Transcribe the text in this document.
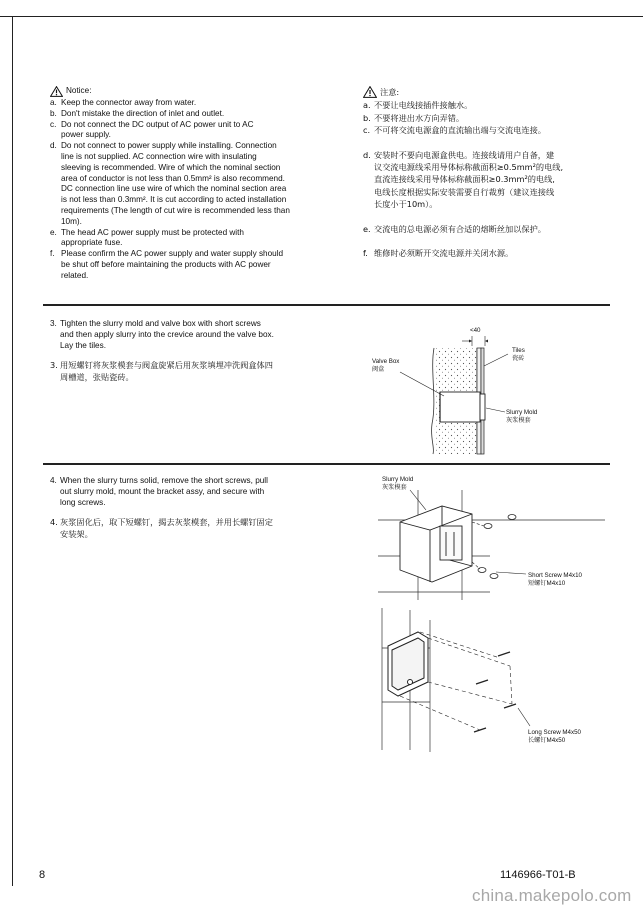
Notice:
a. Keep the connector away from water.
b. Don't mistake the direction of inlet and outlet.
c. Do not connect the DC output of AC power unit to AC
power supply.
d. Do not connect to power supply while installing. Connection
line is not supplied. AC connection wire with insulating
sleeving is recommended. Wire of which the nominal section
area of conductor is not less than 0.5mm² is also recommend.
DC connection line use wire of which the nominal section area
is not less than 0.3mm². It is cut according to acted installation
requirements (The length of cut wire is recommended less than
10m).
e. The head AC power supply must be protected with
appropriate fuse.
f. Please confirm the AC power supply and water supply should
be shut off before maintaining the products with AC power
related.
注意:
a. 不要让电线接插件接触水。
b. 不要将进出水方向弄错。
c. 不可将交流电源盒的直流输出端与交流电连接。
d. 安装时不要向电源盒供电。连接线请用户自备，建
议交流电源线采用导体标称截面积≥0.5mm²的电线,
直流连接线采用导体标称截面积≥0.3mm²的电线,
电线长度根据实际安装需要自行裁剪（建议连接线
长度小于10m）。
e. 交流电的总电源必须有合适的熔断丝加以保护。
f. 维修时必须断开交流电源并关闭水源。
3. Tighten the slurry mold and valve box with short screws
and then apply slurry into the crevice around the valve box.
Lay the tiles.
3. 用短螺钉将灰浆模套与阀盒旋紧后用灰浆填埋冲洗阀盒体四
周槽道，张贴瓷砖。
<40
Tiles
瓷砖
Valve Box
阀盒
Slurry Mold
灰浆模套
4. When the slurry turns solid, remove the short screws, pull
out slurry mold, mount the bracket assy, and secure with
long screws.
4. 灰浆固化后，取下短螺钉，揭去灰浆模套，并用长螺钉固定
安装架。
Slurry Mold
灰浆模套
Short Screw M4x10
短螺钉M4x10
Long Screw M4x50
长螺钉M4x50
8	1146966-T01-B
china.makepolo.com
